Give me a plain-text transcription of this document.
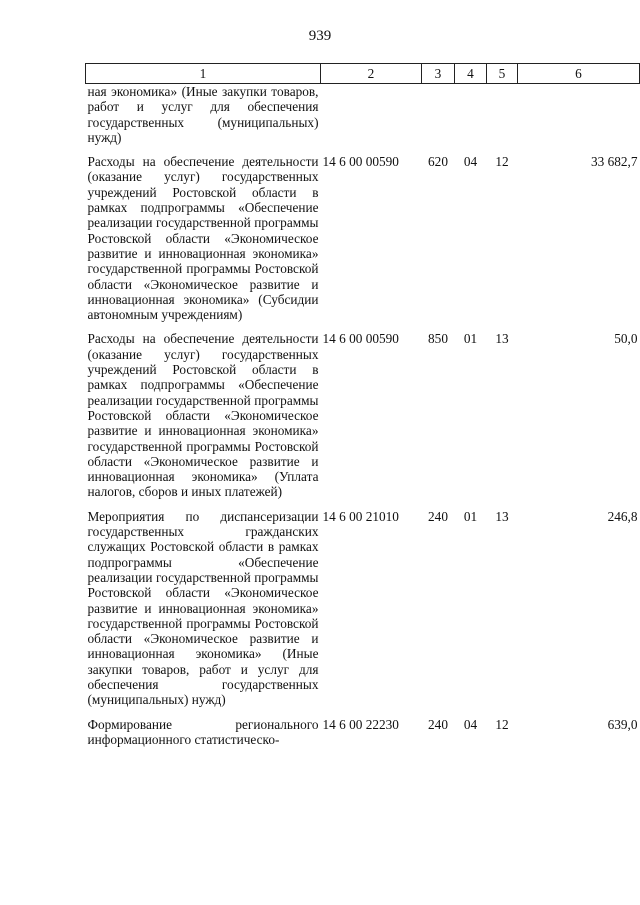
939
1	2	3	4	5	6
ная экономика» (Иные закупки товаров, работ и услуг для обеспечения государственных (муниципальных) нужд)					
Расходы на обеспечение деятельности (оказание услуг) государственных учреждений Ростовской области в рамках подпрограммы «Обеспечение реализации государственной программы Ростовской области «Экономическое развитие и инновационная экономика» государственной программы Ростовской области «Экономическое развитие и инновационная экономика» (Субсидии автономным учреждениям)	14 6 00 00590	620	04	12	33 682,7
Расходы на обеспечение деятельности (оказание услуг) государственных учреждений Ростовской области в рамках подпрограммы «Обеспечение реализации государственной программы Ростовской области «Экономическое развитие и инновационная экономика» государственной программы Ростовской области «Экономическое развитие и инновационная экономика» (Уплата налогов, сборов и иных платежей)	14 6 00 00590	850	01	13	50,0
Мероприятия по диспансеризации государственных гражданских служащих Ростовской области в рамках подпрограммы «Обеспечение реализации государственной программы Ростовской области «Экономическое развитие и инновационная экономика» государственной программы Ростовской области «Экономическое развитие и инновационная экономика» (Иные закупки товаров, работ и услуг для обеспечения государственных (муниципальных) нужд)	14 6 00 21010	240	01	13	246,8
Формирование регионального информационного статистическо-	14 6 00 22230	240	04	12	639,0
